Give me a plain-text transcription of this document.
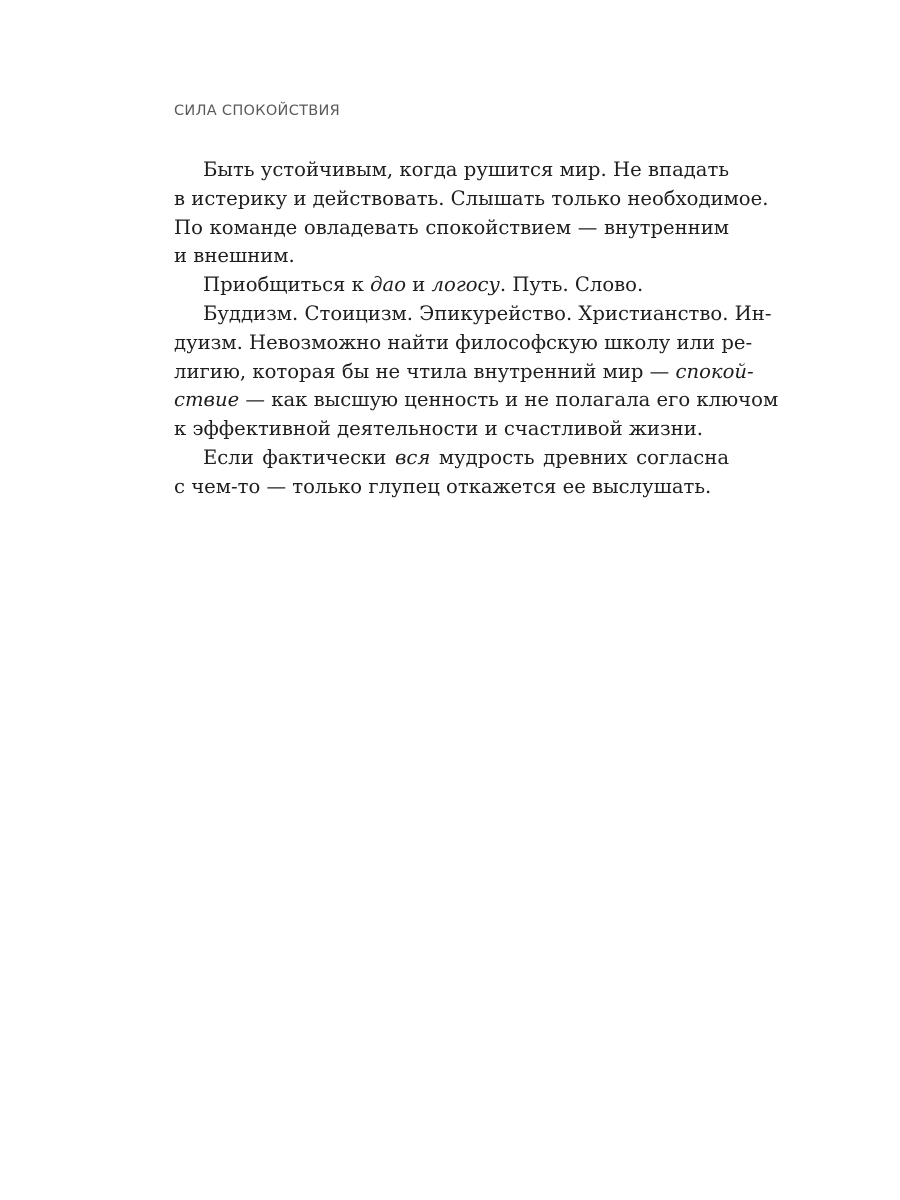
СИЛА СПОКОЙСТВИЯ
Быть устойчивым, когда рушится мир. Не впадать
в истерику и действовать. Слышать только необходимое.
По команде овладевать спокойствием — внутренним
и внешним.
Приобщиться к дао и логосу. Путь. Слово.
Буддизм. Стоицизм. Эпикурейство. Христианство. Ин-
дуизм. Невозможно найти философскую школу или ре-
лигию, которая бы не чтила внутренний мир — спокой-
ствие — как высшую ценность и не полагала его ключом
к эффективной деятельности и счастливой жизни.
Если фактически вся мудрость древних согласна
с чем-то — только глупец откажется ее выслушать.
